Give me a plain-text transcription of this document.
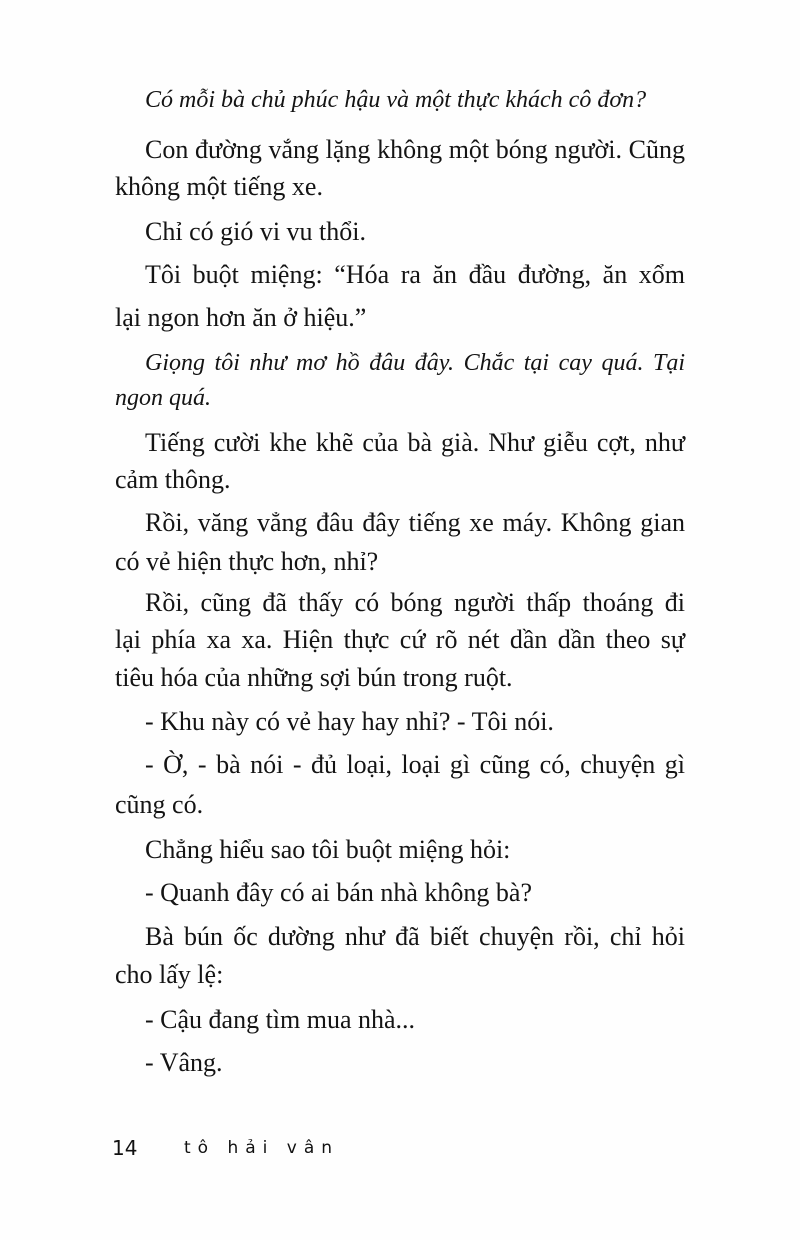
Có mỗi bà chủ phúc hậu và một thực khách cô đơn?
Con đường vắng lặng không một bóng người. Cũng
không một tiếng xe.
Chỉ có gió vi vu thổi.
Tôi buột miệng: “Hóa ra ăn đầu đường, ăn xổm
lại ngon hơn ăn ở hiệu.”
Giọng tôi như mơ hồ đâu đây. Chắc tại cay quá. Tại
ngon quá.
Tiếng cười khe khẽ của bà già. Như giễu cợt, như
cảm thông.
Rồi, văng vẳng đâu đây tiếng xe máy. Không gian
có vẻ hiện thực hơn, nhỉ?
Rồi, cũng đã thấy có bóng người thấp thoáng đi
lại phía xa xa. Hiện thực cứ rõ nét dần dần theo sự
tiêu hóa của những sợi bún trong ruột.
- Khu này có vẻ hay hay nhỉ? - Tôi nói.
- Ờ, - bà nói - đủ loại, loại gì cũng có, chuyện gì
cũng có.
Chẳng hiểu sao tôi buột miệng hỏi:
- Quanh đây có ai bán nhà không bà?
Bà bún ốc dường như đã biết chuyện rồi, chỉ hỏi
cho lấy lệ:
- Cậu đang tìm mua nhà...
- Vâng.
14	tô hải vân
